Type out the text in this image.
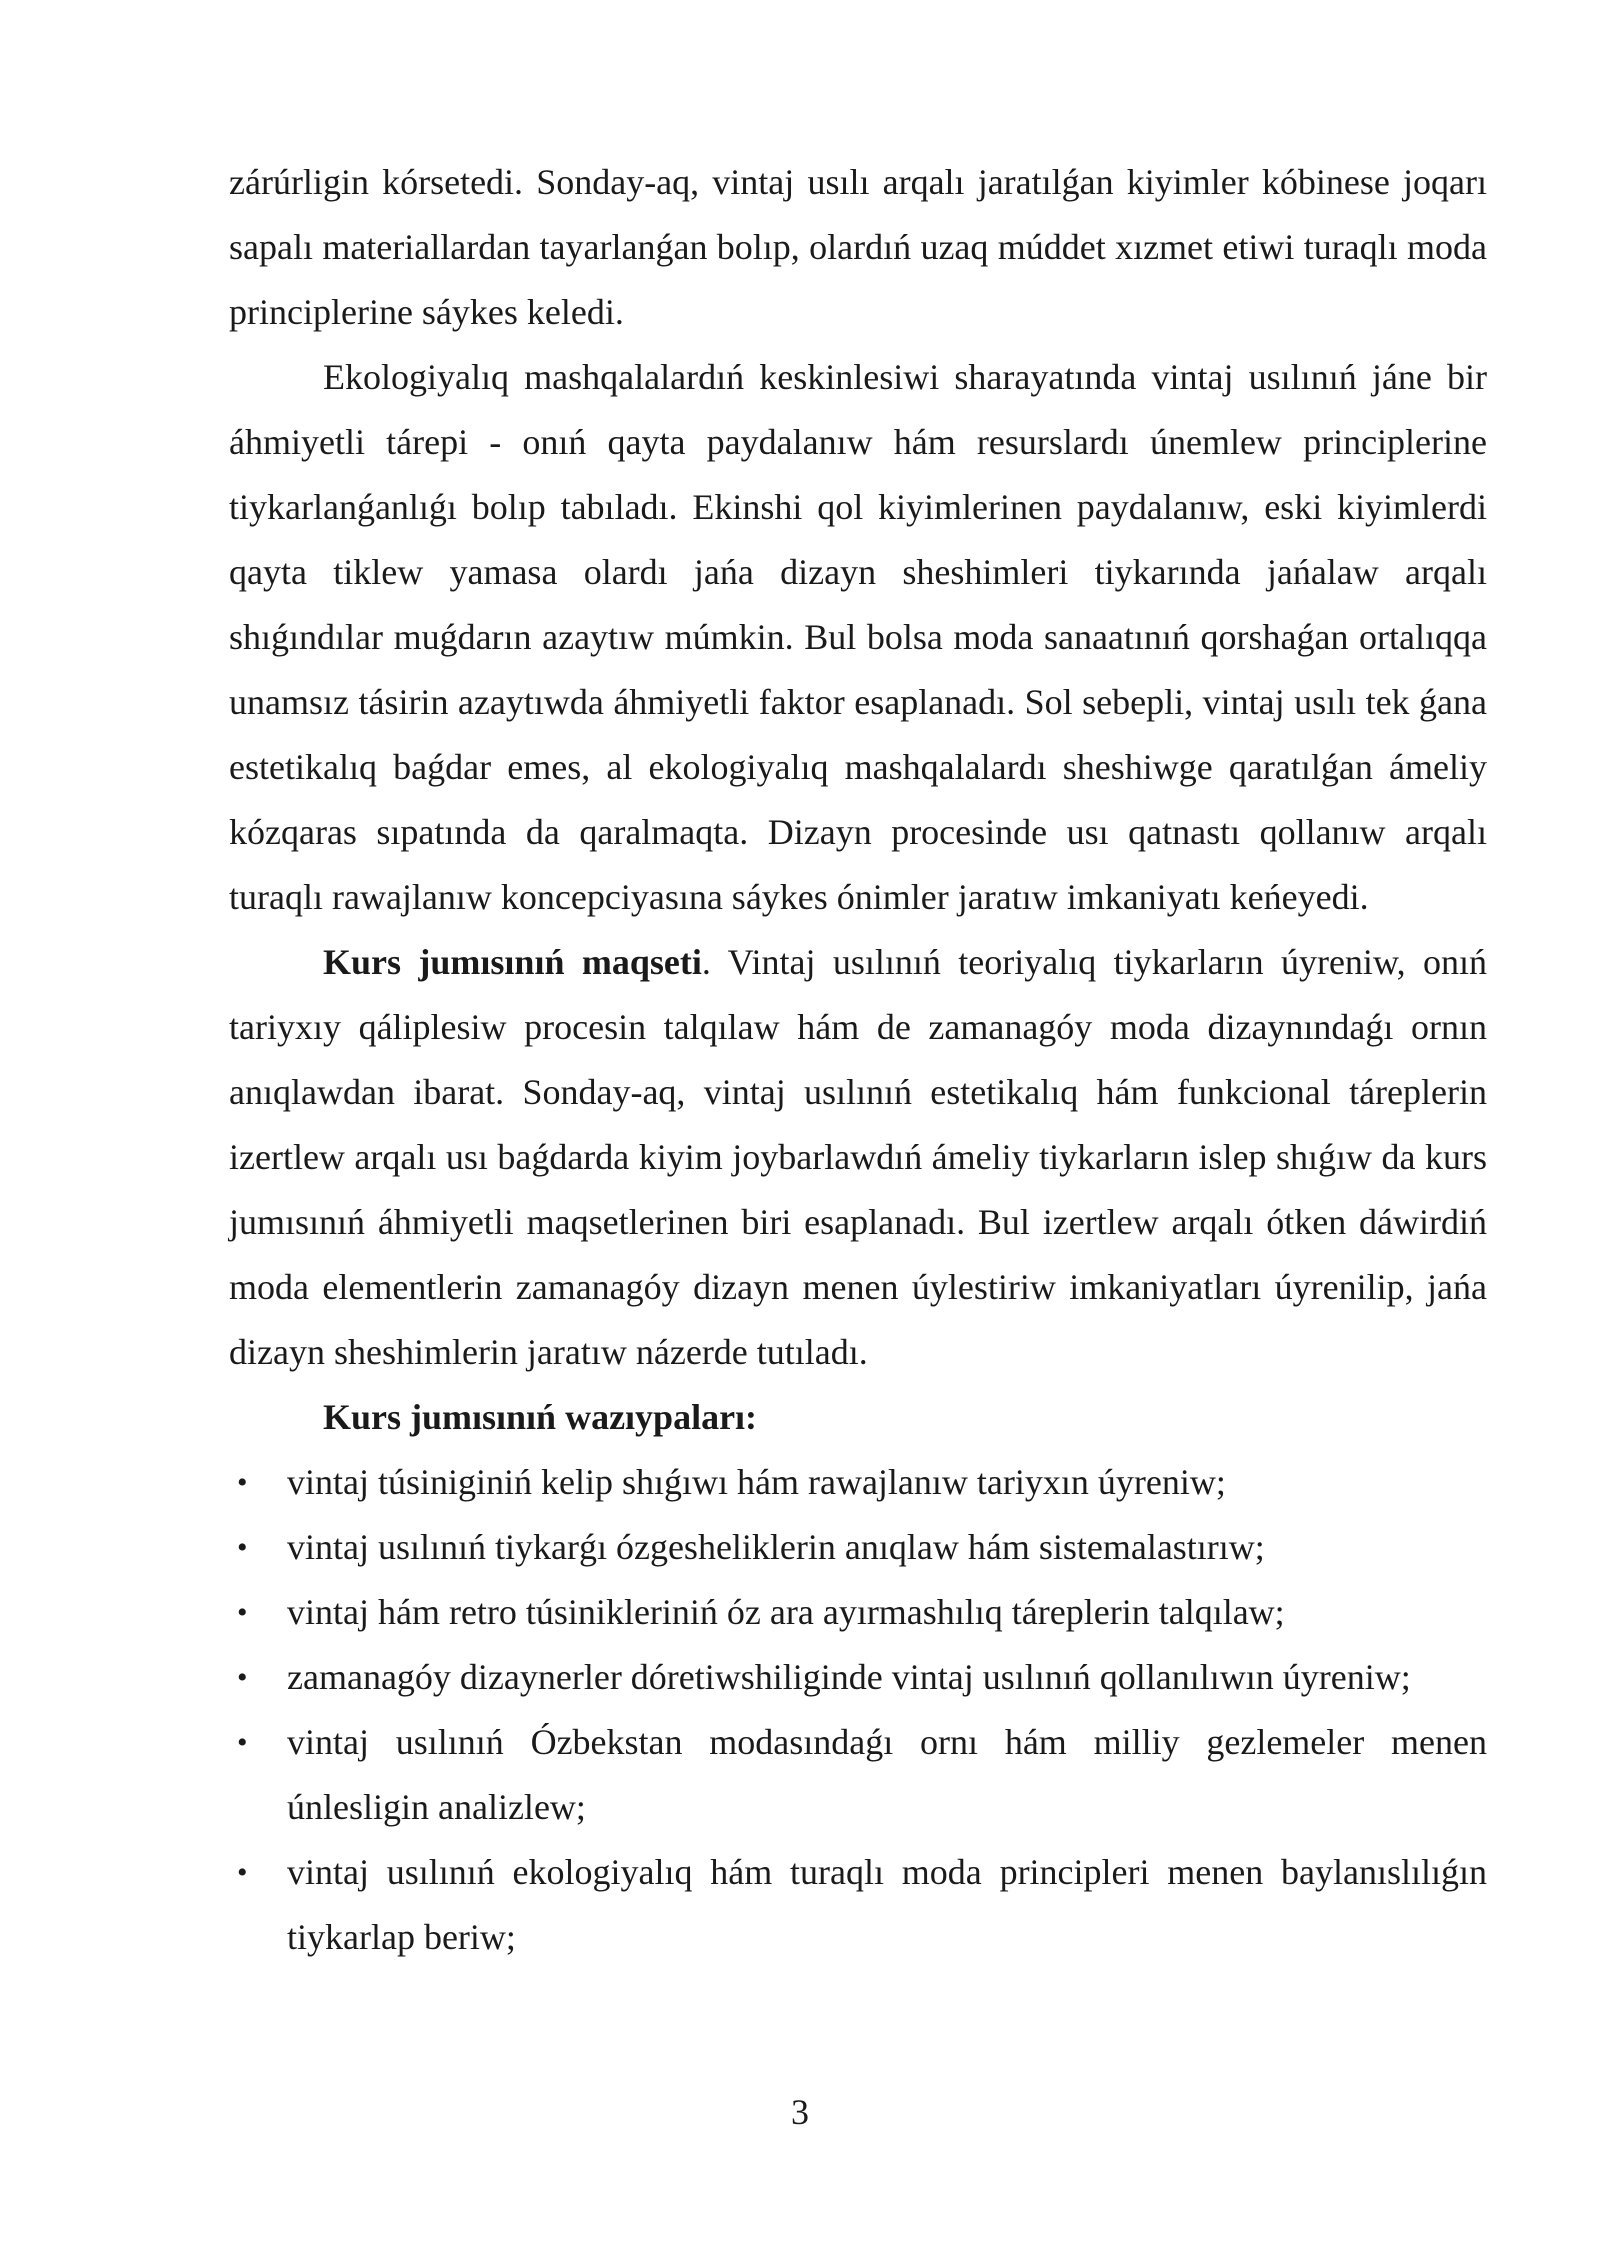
zárúrligin kórsetedi. Sonday-aq, vintaj usılı arqalı jaratılǵan kiyimler kóbinese joqarı sapalı materiallardan tayarlanǵan bolıp, olardıń uzaq múddet xızmet etiwi turaqlı moda principlerine sáykes keledi.

Ekologiyalıq mashqalalardıń keskinlesiwi sharayatında vintaj usılınıń jáne bir áhmiyetli tárepi - onıń qayta paydalanıw hám resurslardı únemlew principlerine tiykarlanǵanlıǵı bolıp tabıladı. Ekinshi qol kiyimlerinen paydalanıw, eski kiyimlerdi qayta tiklew yamasa olardı jańa dizayn sheshimleri tiykarında jańalaw arqalı shıǵındılar muǵdarın azaytıw múmkin. Bul bolsa moda sanaatınıń qorshaǵan ortalıqqa unamsız tásirin azaytıwda áhmiyetli faktor esaplanadı. Sol sebepli, vintaj usılı tek ǵana estetikalıq baǵdar emes, al ekologiyalıq mashqalalardı sheshiwge qaratılǵan ámeliy kózqaras sıpatında da qaralmaqta. Dizayn procesinde usı qatnastı qollanıw arqalı turaqlı rawajlanıw koncepciyasına sáykes ónimler jaratıw imkaniyatı keńeyedi.

Kurs jumısınıń maqseti. Vintaj usılınıń teoriyalıq tiykarların úyreniw, onıń tariyxıy qáliplesiw procesin talqılaw hám de zamanagóy moda dizaynındaǵı ornın anıqlawdan ibarat. Sonday-aq, vintaj usılınıń estetikalıq hám funkcional táreplerin izertlew arqalı usı baǵdarda kiyim joybarlawdıń ámeliy tiykarların islep shıǵıw da kurs jumısınıń áhmiyetli maqsetlerinen biri esaplanadı. Bul izertlew arqalı ótken dáwirdiń moda elementlerin zamanagóy dizayn menen úylestiriw imkaniyatları úyrenilip, jańa dizayn sheshimlerin jaratıw názerde tutıladı.

Kurs jumısınıń wazıypaları:

• vintaj túsiniginiń kelip shıǵıwı hám rawajlanıw tariyxın úyreniw;
• vintaj usılınıń tiykarǵı ózgesheliklerin anıqlaw hám sistemalastırıw;
• vintaj hám retro túsinikleriniń óz ara ayırmashılıq táreplerin talqılaw;
• zamanagóy dizaynerler dóretiwshiliginde vintaj usılınıń qollanılıwın úyreniw;
• vintaj usılınıń Ózbekstan modasındaǵı ornı hám milliy gezlemeler menen únlesligin analizlew;
• vintaj usılınıń ekologiyalıq hám turaqlı moda principleri menen baylanıslılıǵın tiykarlap beriw;
3
